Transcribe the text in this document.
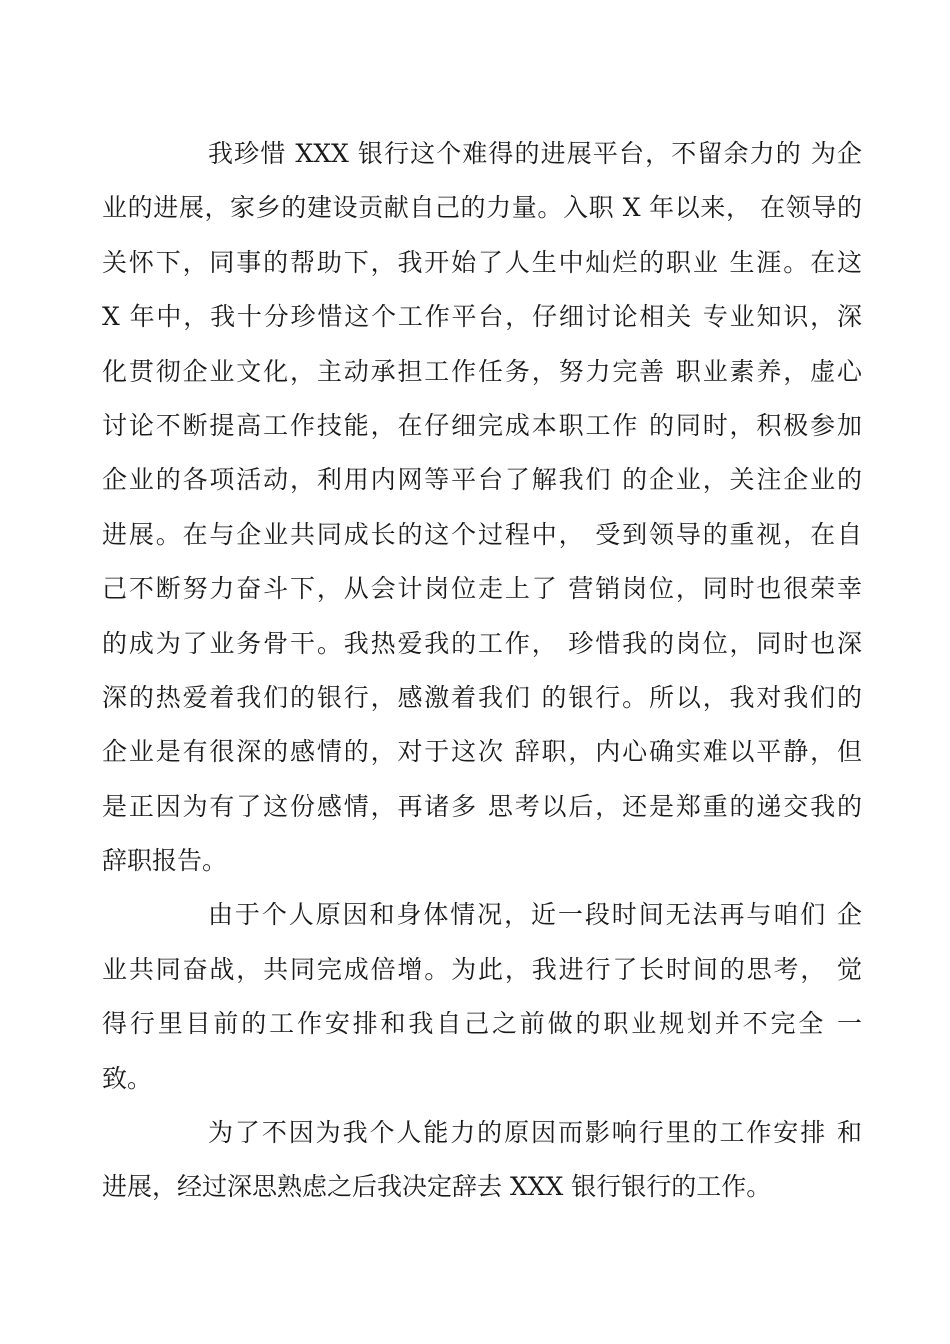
我珍惜 XXX 银行这个难得的进展平台，不留余力的 为企
业的进展，家乡的建设贡献自己的力量。入职 X 年以来， 在领导的
关怀下，同事的帮助下，我开始了人生中灿烂的职业 生涯。在这
X 年中，我十分珍惜这个工作平台，仔细讨论相关 专业知识，深
化贯彻企业文化，主动承担工作任务，努力完善 职业素养，虚心
讨论不断提高工作技能，在仔细完成本职工作 的同时，积极参加
企业的各项活动，利用内网等平台了解我们 的企业，关注企业的
进展。在与企业共同成长的这个过程中， 受到领导的重视，在自
己不断努力奋斗下，从会计岗位走上了 营销岗位，同时也很荣幸
的成为了业务骨干。我热爱我的工作， 珍惜我的岗位，同时也深
深的热爱着我们的银行，感激着我们 的银行。所以，我对我们的
企业是有很深的感情的，对于这次 辞职，内心确实难以平静，但
是正因为有了这份感情，再诸多 思考以后，还是郑重的递交我的
辞职报告。
由于个人原因和身体情况，近一段时间无法再与咱们 企
业共同奋战，共同完成倍增。为此，我进行了长时间的思考， 觉
得行里目前的工作安排和我自己之前做的职业规划并不完全 一
致。
为了不因为我个人能力的原因而影响行里的工作安排 和
进展，经过深思熟虑之后我决定辞去 XXX 银行银行的工作。
